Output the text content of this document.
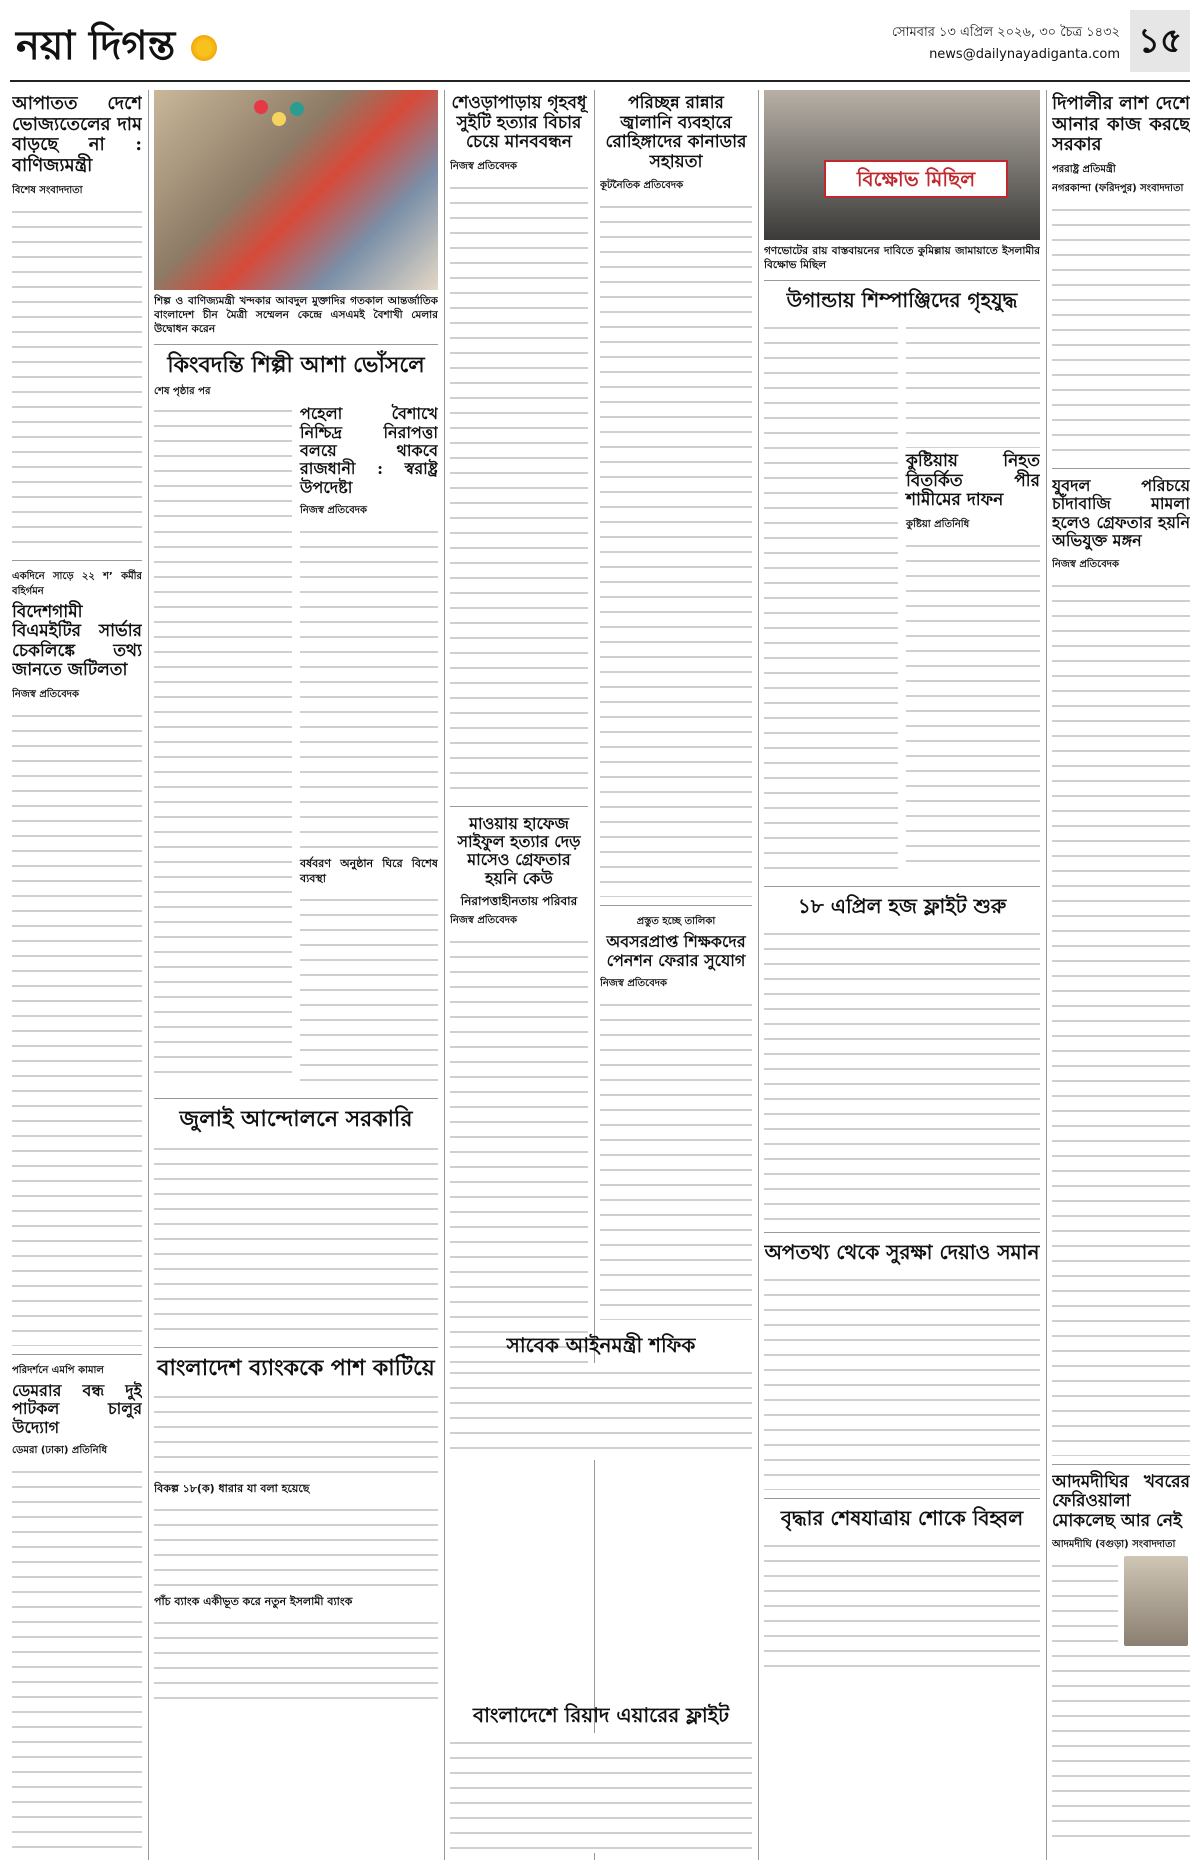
নয়া দিগন্ত	সোমবার ১৩ এপ্রিল ২০২৬, ৩০ চৈত্র ১৪৩২
news@dailynayadiganta.com ১৫
আপাতত দেশে ভোজ্যতেলের দাম বাড়ছে না : বাণিজ্যমন্ত্রী
বিশেষ সংবাদদাতা
একদিনে সাড়ে ২২ শ’ কর্মীর বহির্গমন
বিদেশগামী বিএমইটির সার্ভার চেকলিঙ্কে তথ্য জানতে জটিলতা
নিজস্ব প্রতিবেদক
পরিদর্শনে এমপি কামাল
ডেমরার বন্ধ দুই পাটকল চালুর উদ্যোগ
ডেমরা (ঢাকা) প্রতিনিধি
শিল্প ও বাণিজ্যমন্ত্রী খন্দকার আবদুল মুক্তাদির গতকাল আন্তর্জাতিক বাংলাদেশ চীন মৈত্রী সম্মেলন কেন্দ্রে এসএমই বৈশাখী মেলার উদ্বোধন করেন
কিংবদন্তি শিল্পী আশা ভোঁসলে
শেষ পৃষ্ঠার পর
পহেলা বৈশাখে নিশ্চিদ্র নিরাপত্তা বলয়ে থাকবে রাজধানী : স্বরাষ্ট্র উপদেষ্টা
নিজস্ব প্রতিবেদক
বর্ষবরণ অনুষ্ঠান ঘিরে বিশেষ ব্যবস্থা
জুলাই আন্দোলনে সরকারি
বাংলাদেশ ব্যাংককে পাশ কাটিয়ে
বিকল্প ১৮(ক) ধারার যা বলা হয়েছে
পাঁচ ব্যাংক একীভূত করে নতুন ইসলামী ব্যাংক
শেওড়াপাড়ায় গৃহবধূ সুইটি হত্যার বিচার চেয়ে মানববন্ধন
নিজস্ব প্রতিবেদক
মাওয়ায় হাফেজ সাইফুল হত্যার দেড় মাসেও গ্রেফতার হয়নি কেউ
নিরাপত্তাহীনতায় পরিবার
নিজস্ব প্রতিবেদক
সাবেক আইনমন্ত্রী শফিক
বাংলাদেশে রিয়াদ এয়ারের ফ্লাইট
পরিচ্ছন্ন রান্নার জ্বালানি ব্যবহারে রোহিঙ্গাদের কানাডার সহায়তা
কূটনৈতিক প্রতিবেদক
প্রস্তুত হচ্ছে তালিকা
অবসরপ্রাপ্ত শিক্ষকদের পেনশন ফেরার সুযোগ
নিজস্ব প্রতিবেদক
বিক্ষোভ মিছিল
গণভোটের রায় বাস্তবায়নের দাবিতে কুমিল্লায় জামায়াতে ইসলামীর বিক্ষোভ মিছিল
উগান্ডায় শিম্পাঞ্জিদের গৃহযুদ্ধ
কুষ্টিয়ায় নিহত বিতর্কিত পীর শামীমের দাফন
কুষ্টিয়া প্রতিনিধি
১৮ এপ্রিল হজ ফ্লাইট শুরু
অপতথ্য থেকে সুরক্ষা দেয়াও সমান
বৃদ্ধার শেষযাত্রায় শোকে বিহ্বল
দিপালীর লাশ দেশে আনার কাজ করছে সরকার
পররাষ্ট্র প্রতিমন্ত্রী
নগরকান্দা (ফরিদপুর) সংবাদদাতা
যুবদল পরিচয়ে চাঁদাবাজি মামলা হলেও গ্রেফতার হয়নি অভিযুক্ত মঙ্গন
নিজস্ব প্রতিবেদক
আদমদীঘির খবরের ফেরিওয়ালা মোকলেছ আর নেই
আদমদীঘি (বগুড়া) সংবাদদাতা
